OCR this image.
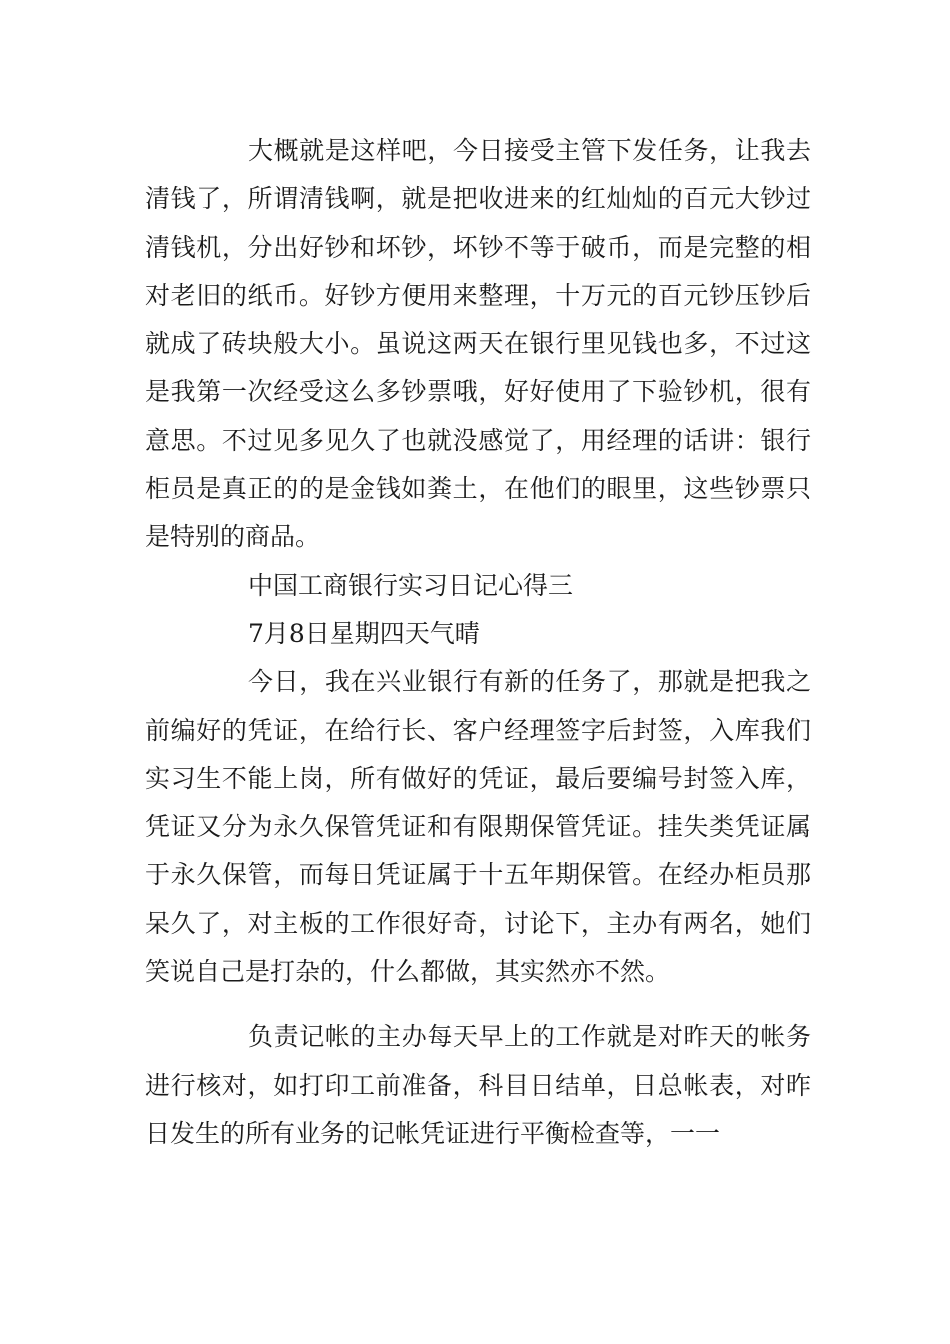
大概就是这样吧，今日接受主管下发任务，让我去清钱了，所谓清钱啊，就是把收进来的红灿灿的百元大钞过清钱机，分出好钞和坏钞，坏钞不等于破币，而是完整的相对老旧的纸币。好钞方便用来整理，十万元的百元钞压钞后就成了砖块般大小。虽说这两天在银行里见钱也多，不过这是我第一次经受这么多钞票哦，好好使用了下验钞机，很有意思。不过见多见久了也就没感觉了，用经理的话讲：银行柜员是真正的的是金钱如粪土，在他们的眼里，这些钞票只是特别的商品。

中国工商银行实习日记心得三

7月8日星期四天气晴

今日，我在兴业银行有新的任务了，那就是把我之前编好的凭证，在给行长、客户经理签字后封签，入库我们实习生不能上岗，所有做好的凭证，最后要编号封签入库，凭证又分为永久保管凭证和有限期保管凭证。挂失类凭证属于永久保管，而每日凭证属于十五年期保管。在经办柜员那呆久了，对主板的工作很好奇，讨论下，主办有两名，她们笑说自己是打杂的，什么都做，其实然亦不然。

负责记帐的主办每天早上的工作就是对昨天的帐务进行核对，如打印工前准备，科目日结单，日总帐表，对昨日发生的所有业务的记帐凭证进行平衡检查等，一一
